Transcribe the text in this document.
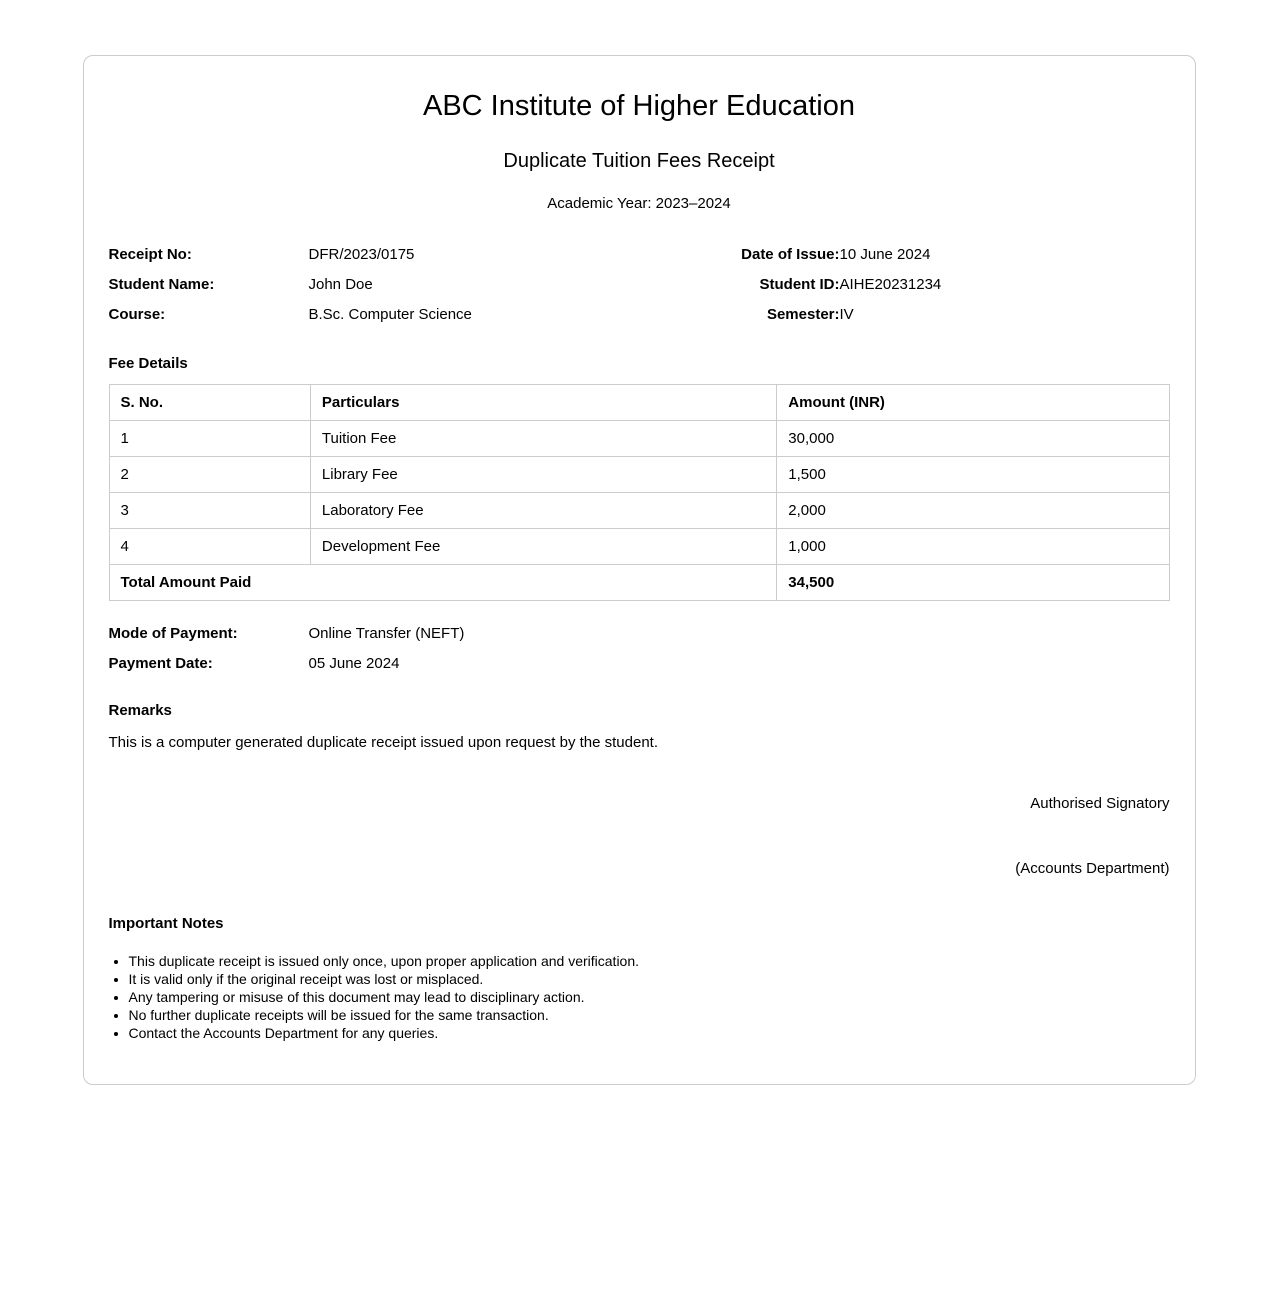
ABC Institute of Higher Education
Duplicate Tuition Fees Receipt
Academic Year: 2023–2024
Receipt No:	DFR/2023/0175	Date of Issue: 10 June 2024
Student Name:	John Doe	Student ID: AIHE20231234
Course:	B.Sc. Computer Science	Semester: IV
Fee Details
S. No.	Particulars	Amount (INR)
1	Tuition Fee	30,000
2	Library Fee	1,500
3	Laboratory Fee	2,000
4	Development Fee	1,000
Total Amount Paid		34,500
Mode of Payment:	Online Transfer (NEFT)
Payment Date:	05 June 2024
Remarks

This is a computer generated duplicate receipt issued upon request by the student.

Authorised Signatory
(Accounts Department)
Important Notes
• This duplicate receipt is issued only once, upon proper application and verification.
• It is valid only if the original receipt was lost or misplaced.
• Any tampering or misuse of this document may lead to disciplinary action.
• No further duplicate receipts will be issued for the same transaction.
• Contact the Accounts Department for any queries.
